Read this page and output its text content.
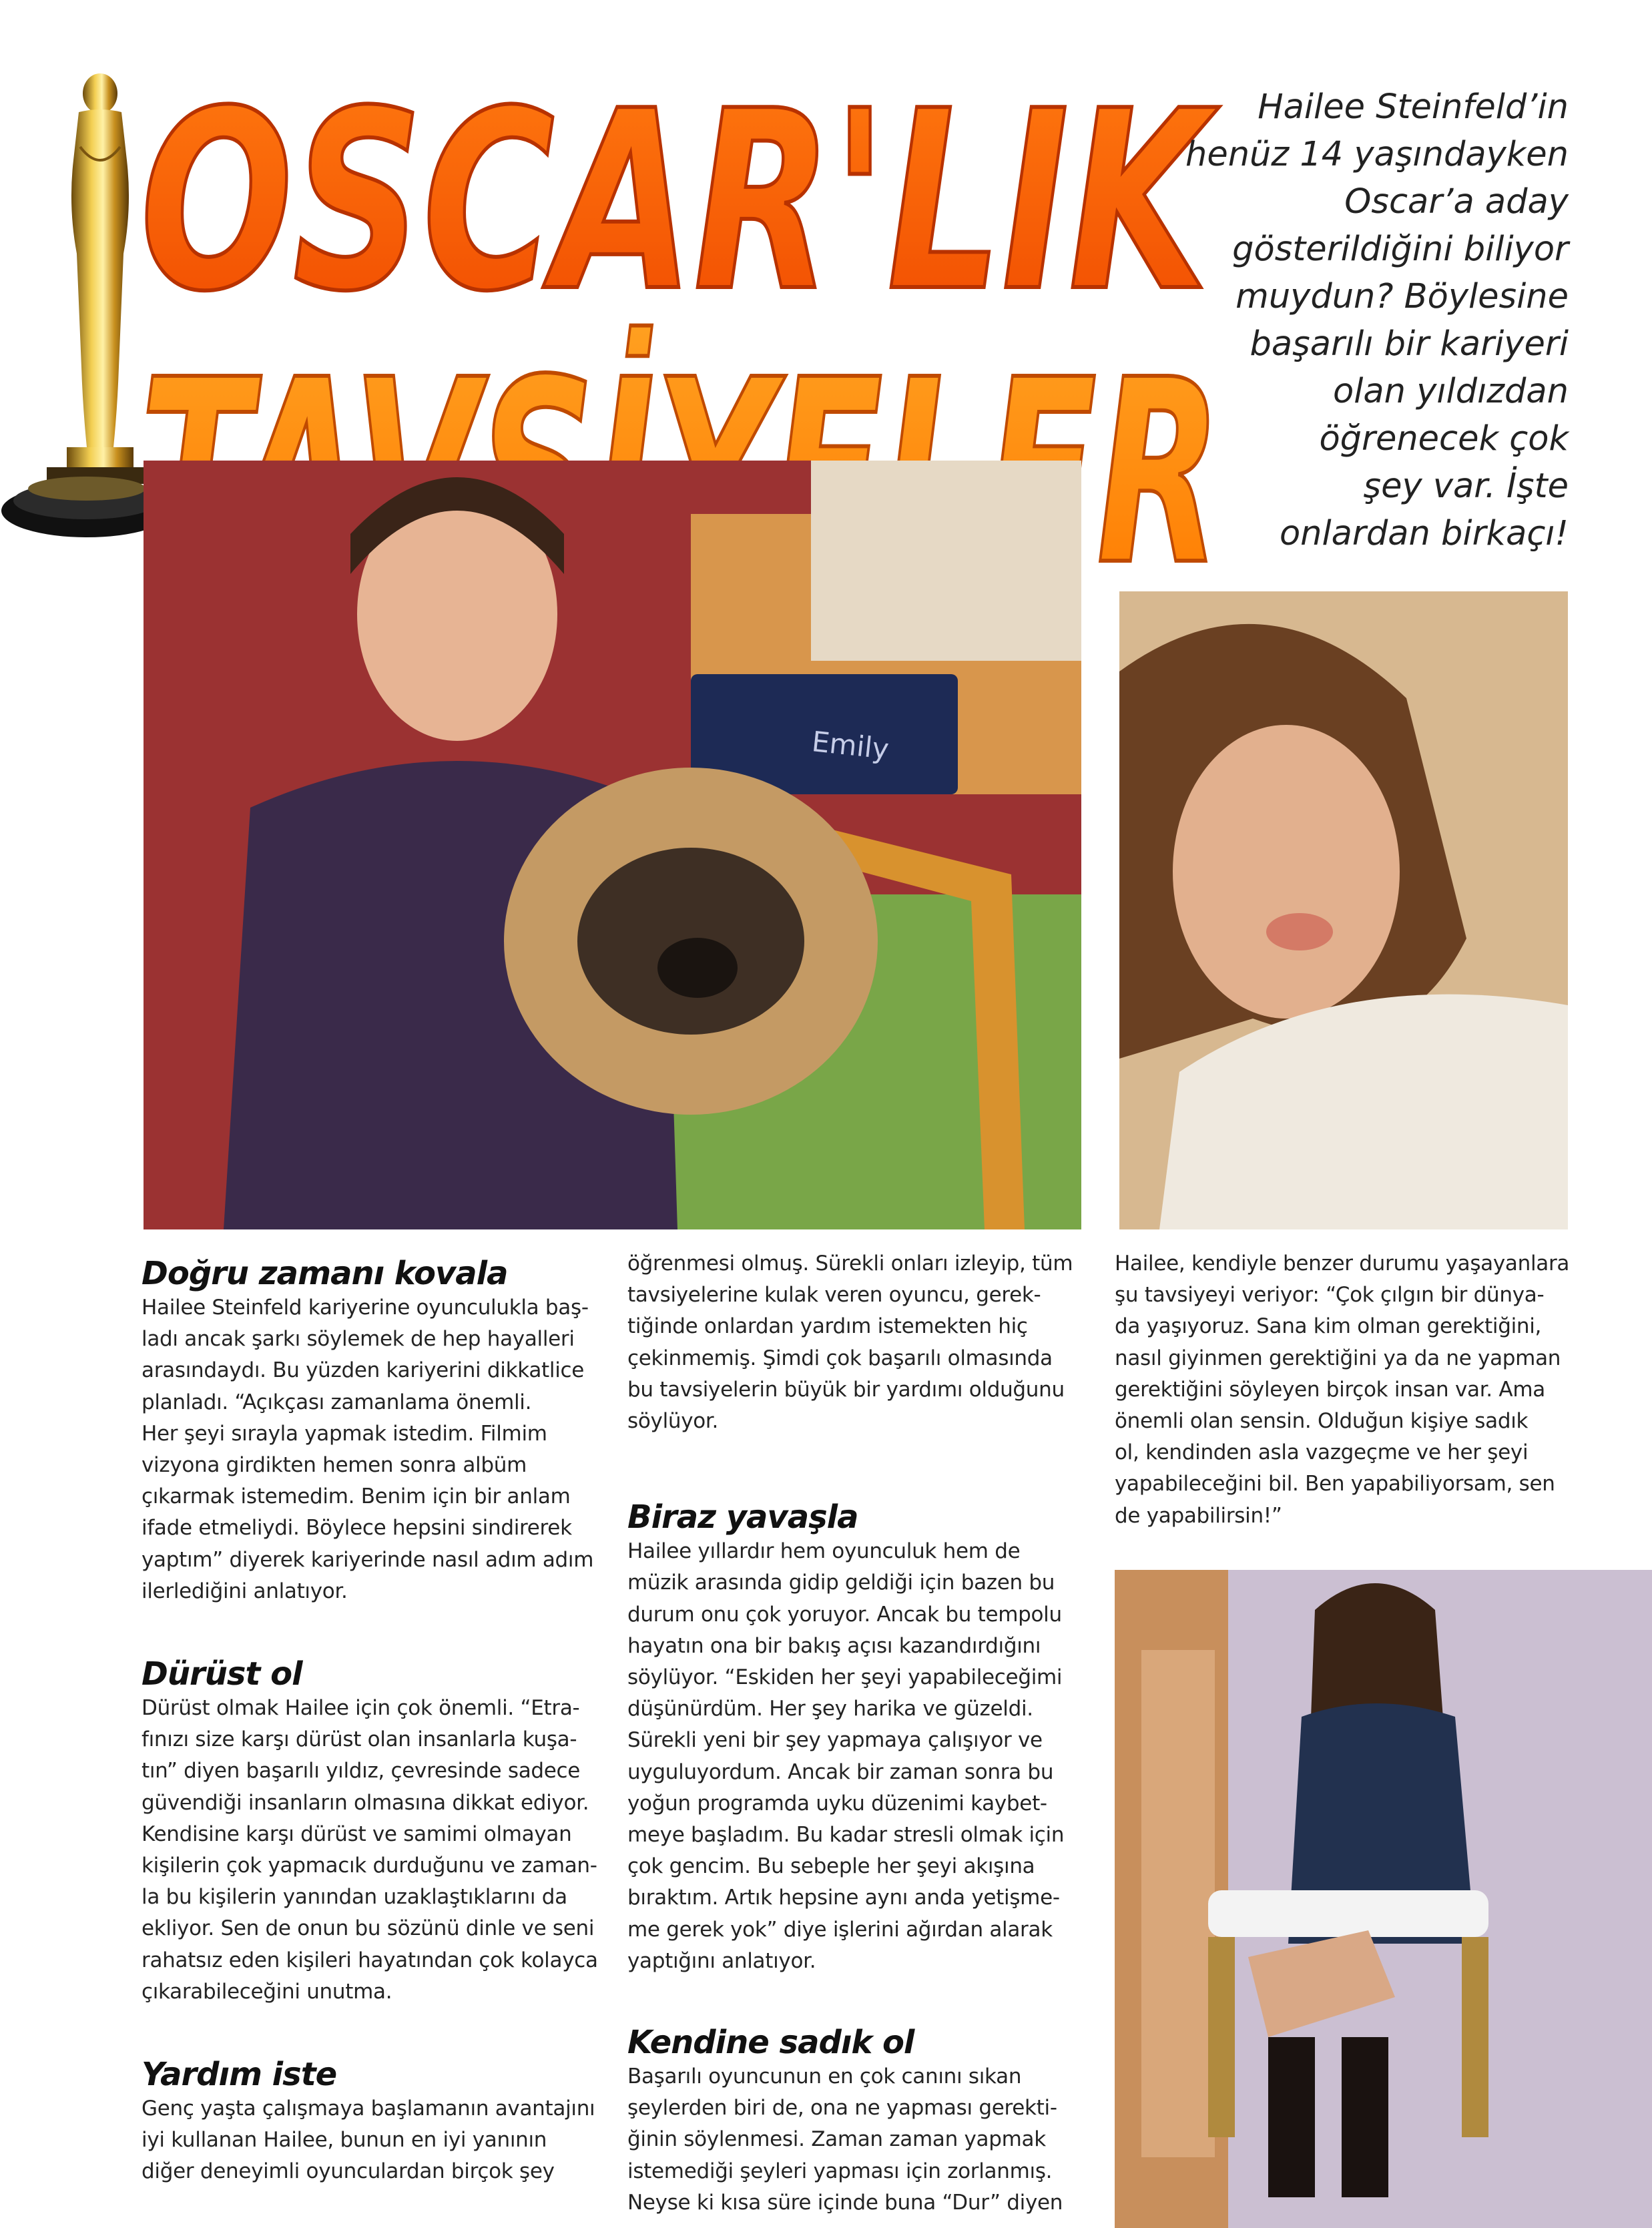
OSCAR'LIK	Hailee Steinfeld’in
henüz 14 yaşındayken
Oscar’a aday
gösterildiğini biliyor
muydun? Böylesine
başarılı bir kariyeri
olan yıldızdan
öğrenecek çok
şey var. İşte
onlardan birkaçı!
Emily
Doğru zamanı kovala
Hailee Steinfeld kariyerine oyunculukla baş-
ladı ancak şarkı söylemek de hep hayalleri
arasındaydı. Bu yüzden kariyerini dikkatlice
planladı. “Açıkçası zamanlama önemli.
Her şeyi sırayla yapmak istedim. Filmim
vizyona girdikten hemen sonra albüm
çıkarmak istemedim. Benim için bir anlam
ifade etmeliydi. Böylece hepsini sindirerek
yaptım” diyerek kariyerinde nasıl adım adım
ilerlediğini anlatıyor.
Dürüst ol
Dürüst olmak Hailee için çok önemli. “Etra-
fınızı size karşı dürüst olan insanlarla kuşa-
tın” diyen başarılı yıldız, çevresinde sadece
güvendiği insanların olmasına dikkat ediyor.
Kendisine karşı dürüst ve samimi olmayan
kişilerin çok yapmacık durduğunu ve zaman-
la bu kişilerin yanından uzaklaştıklarını da
ekliyor. Sen de onun bu sözünü dinle ve seni
rahatsız eden kişileri hayatından çok kolayca
çıkarabileceğini unutma.
Yardım iste
Genç yaşta çalışmaya başlamanın avantajını
iyi kullanan Hailee, bunun en iyi yanının
diğer deneyimli oyunculardan birçok şey
öğrenmesi olmuş. Sürekli onları izleyip, tüm
tavsiyelerine kulak veren oyuncu, gerek-
tiğinde onlardan yardım istemekten hiç
çekinmemiş. Şimdi çok başarılı olmasında
bu tavsiyelerin büyük bir yardımı olduğunu
söylüyor.
Biraz yavaşla
Hailee yıllardır hem oyunculuk hem de
müzik arasında gidip geldiği için bazen bu
durum onu çok yoruyor. Ancak bu tempolu
hayatın ona bir bakış açısı kazandırdığını
söylüyor. “Eskiden her şeyi yapabileceğimi
düşünürdüm. Her şey harika ve güzeldi.
Sürekli yeni bir şey yapmaya çalışıyor ve
uyguluyordum. Ancak bir zaman sonra bu
yoğun programda uyku düzenimi kaybet-
meye başladım. Bu kadar stresli olmak için
çok gencim. Bu sebeple her şeyi akışına
bıraktım. Artık hepsine aynı anda yetişme-
me gerek yok” diye işlerini ağırdan alarak
yaptığını anlatıyor.
Kendine sadık ol
Başarılı oyuncunun en çok canını sıkan
şeylerden biri de, ona ne yapması gerekti-
ğinin söylenmesi. Zaman zaman yapmak
istemediği şeyleri yapması için zorlanmış.
Neyse ki kısa süre içinde buna “Dur” diyen
Hailee, kendiyle benzer durumu yaşayanlara
şu tavsiyeyi veriyor: “Çok çılgın bir dünya-
da yaşıyoruz. Sana kim olman gerektiğini,
nasıl giyinmen gerektiğini ya da ne yapman
gerektiğini söyleyen birçok insan var. Ama
önemli olan sensin. Olduğun kişiye sadık
ol, kendinden asla vazgeçme ve her şeyi
yapabileceğini bil. Ben yapabiliyorsam, sen
de yapabilirsin!”
